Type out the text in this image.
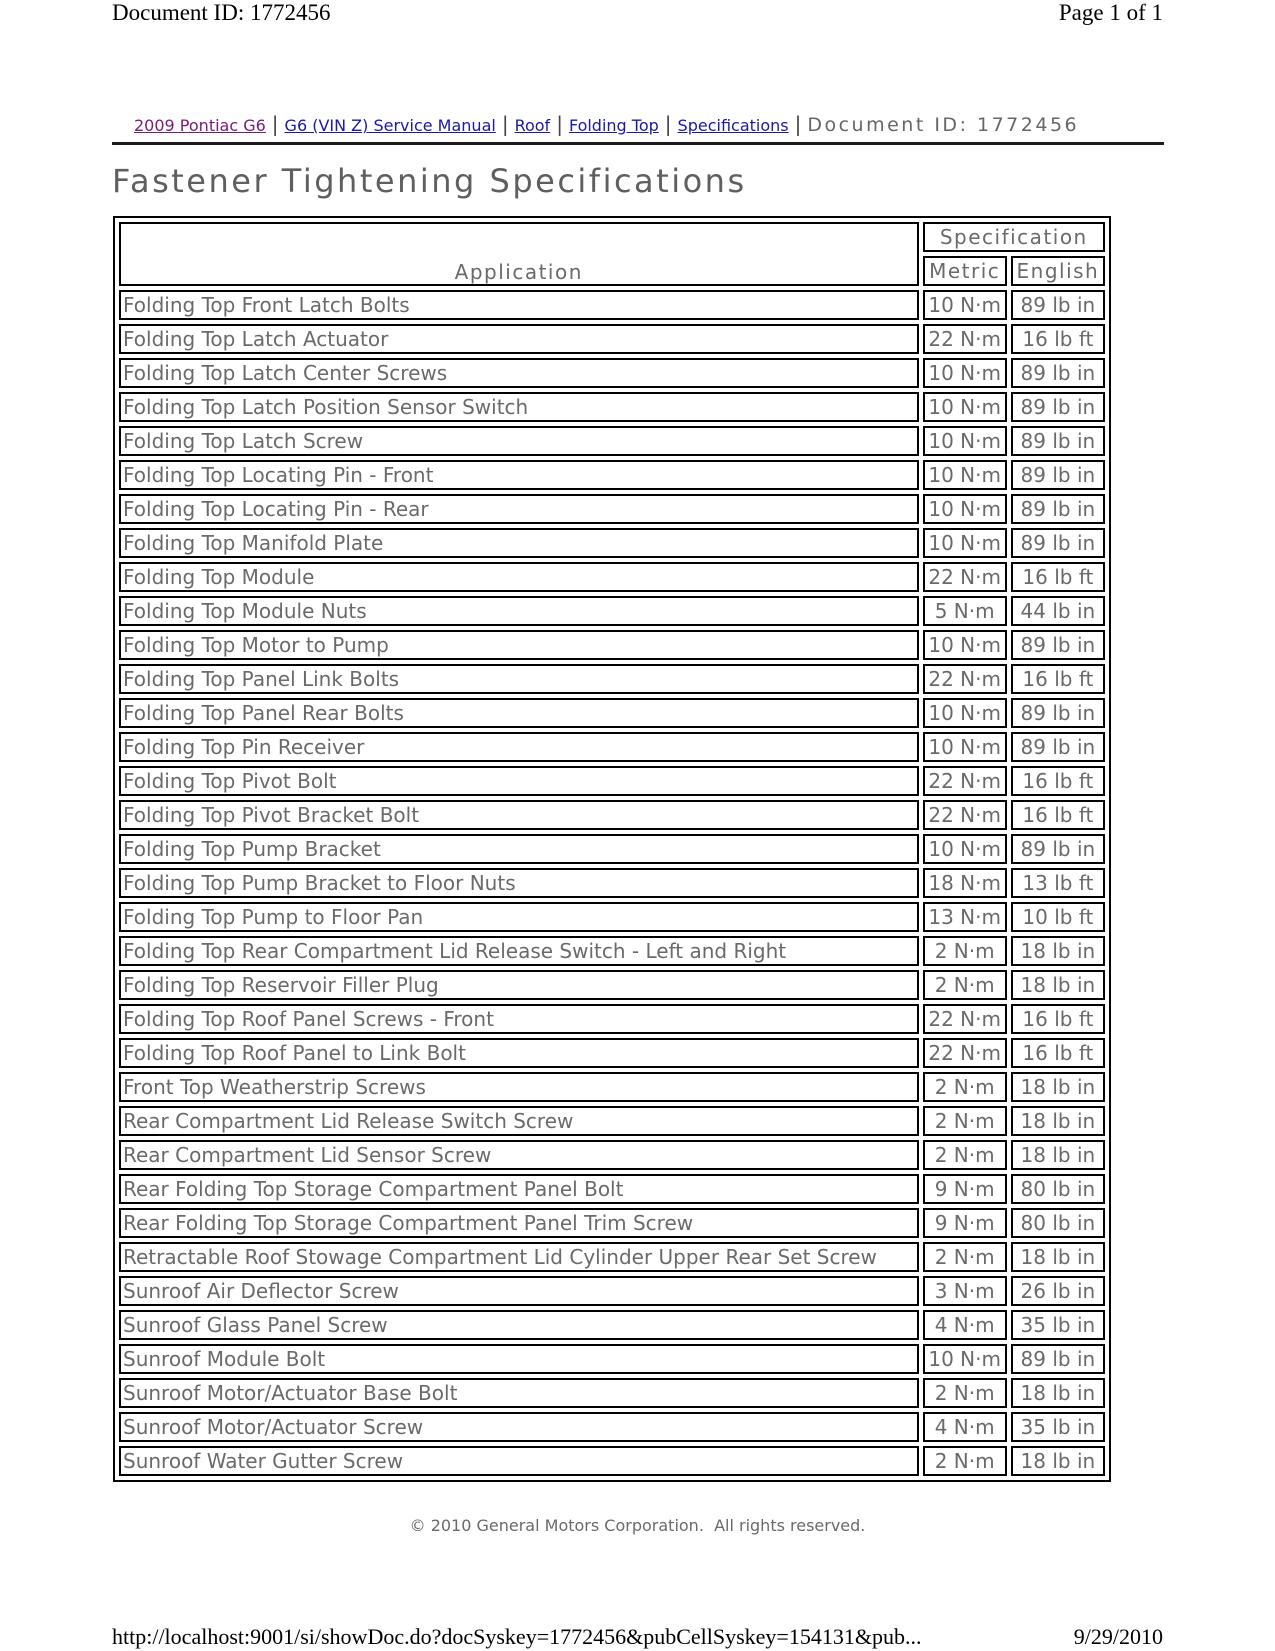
Document ID: 1772456	Page 1 of 1
2009 Pontiac G6 | G6 (VIN Z) Service Manual | Roof | Folding Top | Specifications | Document ID: 1772456
Fastener Tightening Specifications
Application	Specification	
	Metric	English
Folding Top Front Latch Bolts	10 N·m	89 lb in
Folding Top Latch Actuator	22 N·m	16 lb ft
Folding Top Latch Center Screws	10 N·m	89 lb in
Folding Top Latch Position Sensor Switch	10 N·m	89 lb in
Folding Top Latch Screw	10 N·m	89 lb in
Folding Top Locating Pin - Front	10 N·m	89 lb in
Folding Top Locating Pin - Rear	10 N·m	89 lb in
Folding Top Manifold Plate	10 N·m	89 lb in
Folding Top Module	22 N·m	16 lb ft
Folding Top Module Nuts	5 N·m	44 lb in
Folding Top Motor to Pump	10 N·m	89 lb in
Folding Top Panel Link Bolts	22 N·m	16 lb ft
Folding Top Panel Rear Bolts	10 N·m	89 lb in
Folding Top Pin Receiver	10 N·m	89 lb in
Folding Top Pivot Bolt	22 N·m	16 lb ft
Folding Top Pivot Bracket Bolt	22 N·m	16 lb ft
Folding Top Pump Bracket	10 N·m	89 lb in
Folding Top Pump Bracket to Floor Nuts	18 N·m	13 lb ft
Folding Top Pump to Floor Pan	13 N·m	10 lb ft
Folding Top Rear Compartment Lid Release Switch - Left and Right	2 N·m	18 lb in
Folding Top Reservoir Filler Plug	2 N·m	18 lb in
Folding Top Roof Panel Screws - Front	22 N·m	16 lb ft
Folding Top Roof Panel to Link Bolt	22 N·m	16 lb ft
Front Top Weatherstrip Screws	2 N·m	18 lb in
Rear Compartment Lid Release Switch Screw	2 N·m	18 lb in
Rear Compartment Lid Sensor Screw	2 N·m	18 lb in
Rear Folding Top Storage Compartment Panel Bolt	9 N·m	80 lb in
Rear Folding Top Storage Compartment Panel Trim Screw	9 N·m	80 lb in
Retractable Roof Stowage Compartment Lid Cylinder Upper Rear Set Screw	2 N·m	18 lb in
Sunroof Air Deflector Screw	3 N·m	26 lb in
Sunroof Glass Panel Screw	4 N·m	35 lb in
Sunroof Module Bolt	10 N·m	89 lb in
Sunroof Motor/Actuator Base Bolt	2 N·m	18 lb in
Sunroof Motor/Actuator Screw	4 N·m	35 lb in
Sunroof Water Gutter Screw	2 N·m	18 lb in
© 2010 General Motors Corporation.  All rights reserved.
http://localhost:9001/si/showDoc.do?docSyskey=1772456&pubCellSyskey=154131&pub...	9/29/2010
